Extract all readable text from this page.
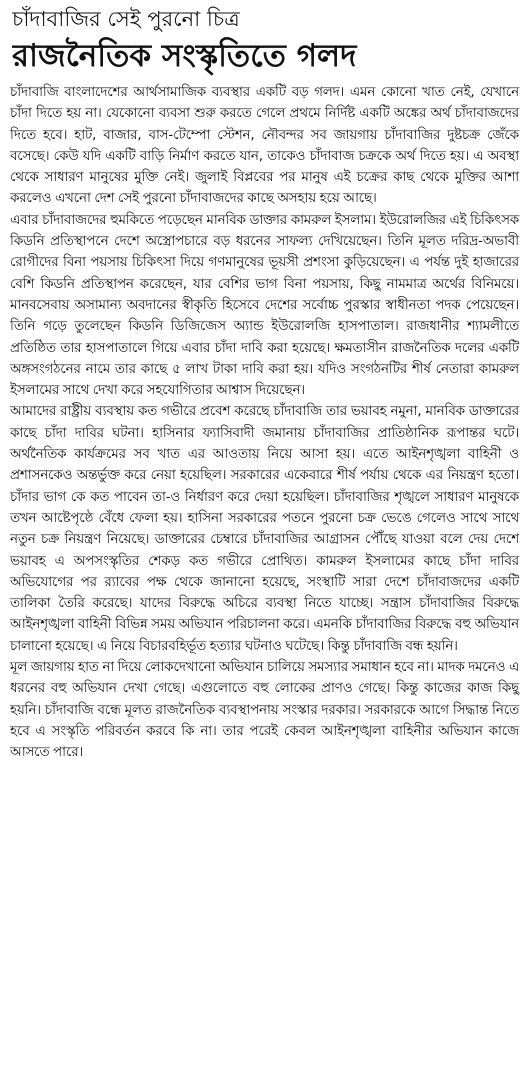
চাঁদাবাজির সেই পুরনো চিত্র
রাজনৈতিক সংস্কৃতিতে গলদ

চাঁদাবাজি বাংলাদেশের আর্থসামাজিক ব্যবস্থার একটি বড় গলদ। এমন কোনো খাত নেই, যেখানে চাঁদা দিতে হয় না। যেকোনো ব্যবসা শুরু করতে গেলে প্রথমে নির্দিষ্ট একটি অঙ্কের অর্থ চাঁদাবাজদের দিতে হবে। হাট, বাজার, বাস-টেম্পো স্টেশন, নৌবন্দর সব জায়গায় চাঁদাবাজির দুষ্টচক্র জেঁকে বসেছে। কেউ যদি একটি বাড়ি নির্মাণ করতে যান, তাকেও চাঁদাবাজ চক্রকে অর্থ দিতে হয়। এ অবস্থা থেকে সাধারণ মানুষের মুক্তি নেই। জুলাই বিপ্লবের পর মানুষ এই চক্রের কাছ থেকে মুক্তির আশা করলেও এখনো দেশ সেই পুরনো চাঁদাবাজদের কাছে অসহায় হয়ে আছে।

এবার চাঁদাবাজদের হুমকিতে পড়েছেন মানবিক ডাক্তার কামরুল ইসলাম। ইউরোলজির এই চিকিৎসক কিডনি প্রতিস্থাপনে দেশে অস্ত্রোপচারে বড় ধরনের সাফল্য দেখিয়েছেন। তিনি মূলত দরিদ্র-অভাবী রোগীদের বিনা পয়সায় চিকিৎসা দিয়ে গণমানুষের ভূয়সী প্রশংসা কুড়িয়েছেন। এ পর্যন্ত দুই হাজারের বেশি কিডনি প্রতিস্থাপন করেছেন, যার বেশির ভাগ বিনা পয়সায়, কিছু নামমাত্র অর্থের বিনিময়ে। মানবসেবায় অসামান্য অবদানের স্বীকৃতি হিসেবে দেশের সর্বোচ্চ পুরস্কার স্বাধীনতা পদক পেয়েছেন। তিনি গড়ে তুলেছেন কিডনি ডিজিজেস অ্যান্ড ইউরোলজি হাসপাতাল। রাজধানীর শ্যামলীতে প্রতিষ্ঠিত তার হাসপাতালে গিয়ে এবার চাঁদা দাবি করা হয়েছে। ক্ষমতাসীন রাজনৈতিক দলের একটি অঙ্গসংগঠনের নামে তার কাছে ৫ লাখ টাকা দাবি করা হয়। যদিও সংগঠনটির শীর্ষ নেতারা কামরুল ইসলামের সাথে দেখা করে সহযোগিতার আশ্বাস দিয়েছেন।

আমাদের রাষ্ট্রীয় ব্যবস্থায় কত গভীরে প্রবেশ করেছে চাঁদাবাজি তার ভয়াবহ নমুনা, মানবিক ডাক্তারের কাছে চাঁদা দাবির ঘটনা। হাসিনার ফ্যাসিবাদী জমানায় চাঁদাবাজির প্রাতিষ্ঠানিক রূপান্তর ঘটে। অর্থনৈতিক কার্যক্রমের সব খাত এর আওতায় নিয়ে আসা হয়। এতে আইনশৃঙ্খলা বাহিনী ও প্রশাসনকেও অন্তর্ভুক্ত করে নেয়া হয়েছিল। সরকারের একেবারে শীর্ষ পর্যায় থেকে এর নিয়ন্ত্রণ হতো। চাঁদার ভাগ কে কত পাবেন তা-ও নির্ধারণ করে দেয়া হয়েছিল। চাঁদাবাজির শৃঙ্খলে সাধারণ মানুষকে তখন আষ্টেপৃষ্ঠে বেঁধে ফেলা হয়। হাসিনা সরকারের পতনে পুরনো চক্র ভেঙে গেলেও সাথে সাথে নতুন চক্র নিয়ন্ত্রণ নিয়েছে। ডাক্তারের চেম্বারে চাঁদাবাজির আগ্রাসন পৌঁছে যাওয়া বলে দেয় দেশে ভয়াবহ এ অপসংস্কৃতির শেকড় কত গভীরে প্রোথিত। কামরুল ইসলামের কাছে চাঁদা দাবির অভিযোগের পর র‌্যাবের পক্ষ থেকে জানানো হয়েছে, সংস্থাটি সারা দেশে চাঁদাবাজদের একটি তালিকা তৈরি করেছে। যাদের বিরুদ্ধে অচিরে ব্যবস্থা নিতে যাচ্ছে। সন্ত্রাস চাঁদাবাজির বিরুদ্ধে আইনশৃঙ্খলা বাহিনী বিভিন্ন সময় অভিযান পরিচালনা করে। এমনকি চাঁদাবাজির বিরুদ্ধে বহু অভিযান চালানো হয়েছে। এ নিয়ে বিচারবহির্ভূত হত্যার ঘটনাও ঘটেছে। কিন্তু চাঁদাবাজি বন্ধ হয়নি।

মূল জায়গায় হাত না দিয়ে লোকদেখানো অভিযান চালিয়ে সমস্যার সমাধান হবে না। মাদক দমনেও এ ধরনের বহু অভিযান দেখা গেছে। এগুলোতে বহু লোকের প্রাণও গেছে। কিন্তু কাজের কাজ কিছু হয়নি। চাঁদাবাজি বন্ধে মূলত রাজনৈতিক ব্যবস্থাপনায় সংস্কার দরকার। সরকারকে আগে সিদ্ধান্ত নিতে হবে এ সংস্কৃতি পরিবর্তন করবে কি না। তার পরেই কেবল আইনশৃঙ্খলা বাহিনীর অভিযান কাজে আসতে পারে।
